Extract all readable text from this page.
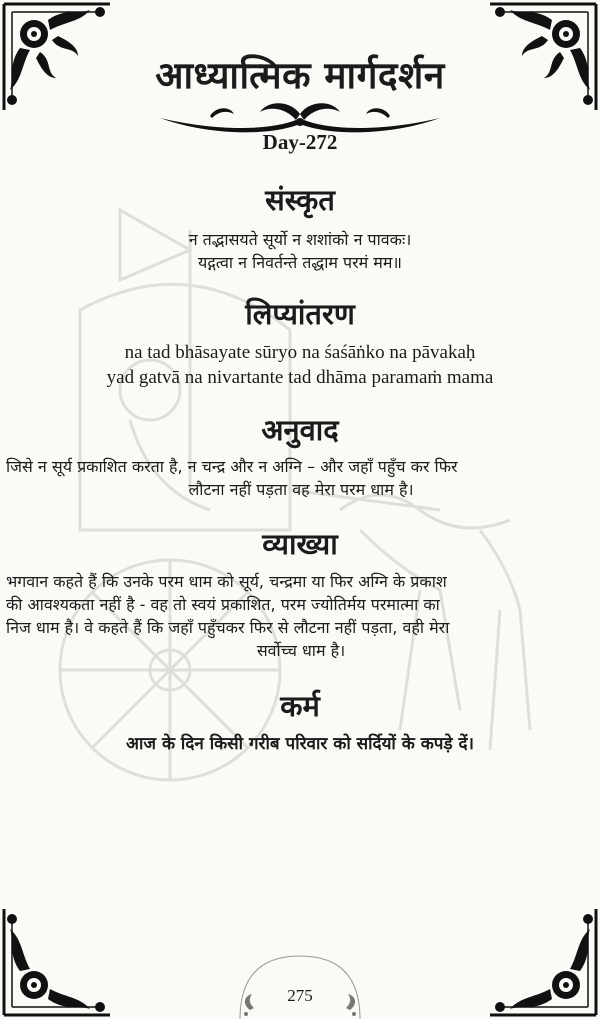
आध्यात्मिक मार्गदर्शन
Day-272
संस्कृत
न तद्भासयते सूर्यो न शशांको न पावकः।
यद्गत्वा न निवर्तन्ते तद्धाम परमं मम॥
लिप्यांतरण
na tad bhāsayate sūryo na śaśāṅko na pāvakaḥ
yad gatvā na nivartante tad dhāma paramaṁ mama
अनुवाद
जिसे न सूर्य प्रकाशित करता है, न चन्द्र और न अग्नि – और जहाँ पहुँच कर फिर
लौटना नहीं पड़ता वह मेरा परम धाम है।
व्याख्या
भगवान कहते हैं कि उनके परम धाम को सूर्य, चन्द्रमा या फिर अग्नि के प्रकाश
की आवश्यकता नहीं है - वह तो स्वयं प्रकाशित, परम ज्योतिर्मय परमात्मा का
निज धाम है। वे कहते हैं कि जहाँ पहुँचकर फिर से लौटना नहीं पड़ता, वही मेरा
सर्वोच्च धाम है।
कर्म
आज के दिन किसी गरीब परिवार को सर्दियों के कपड़े दें।
275
